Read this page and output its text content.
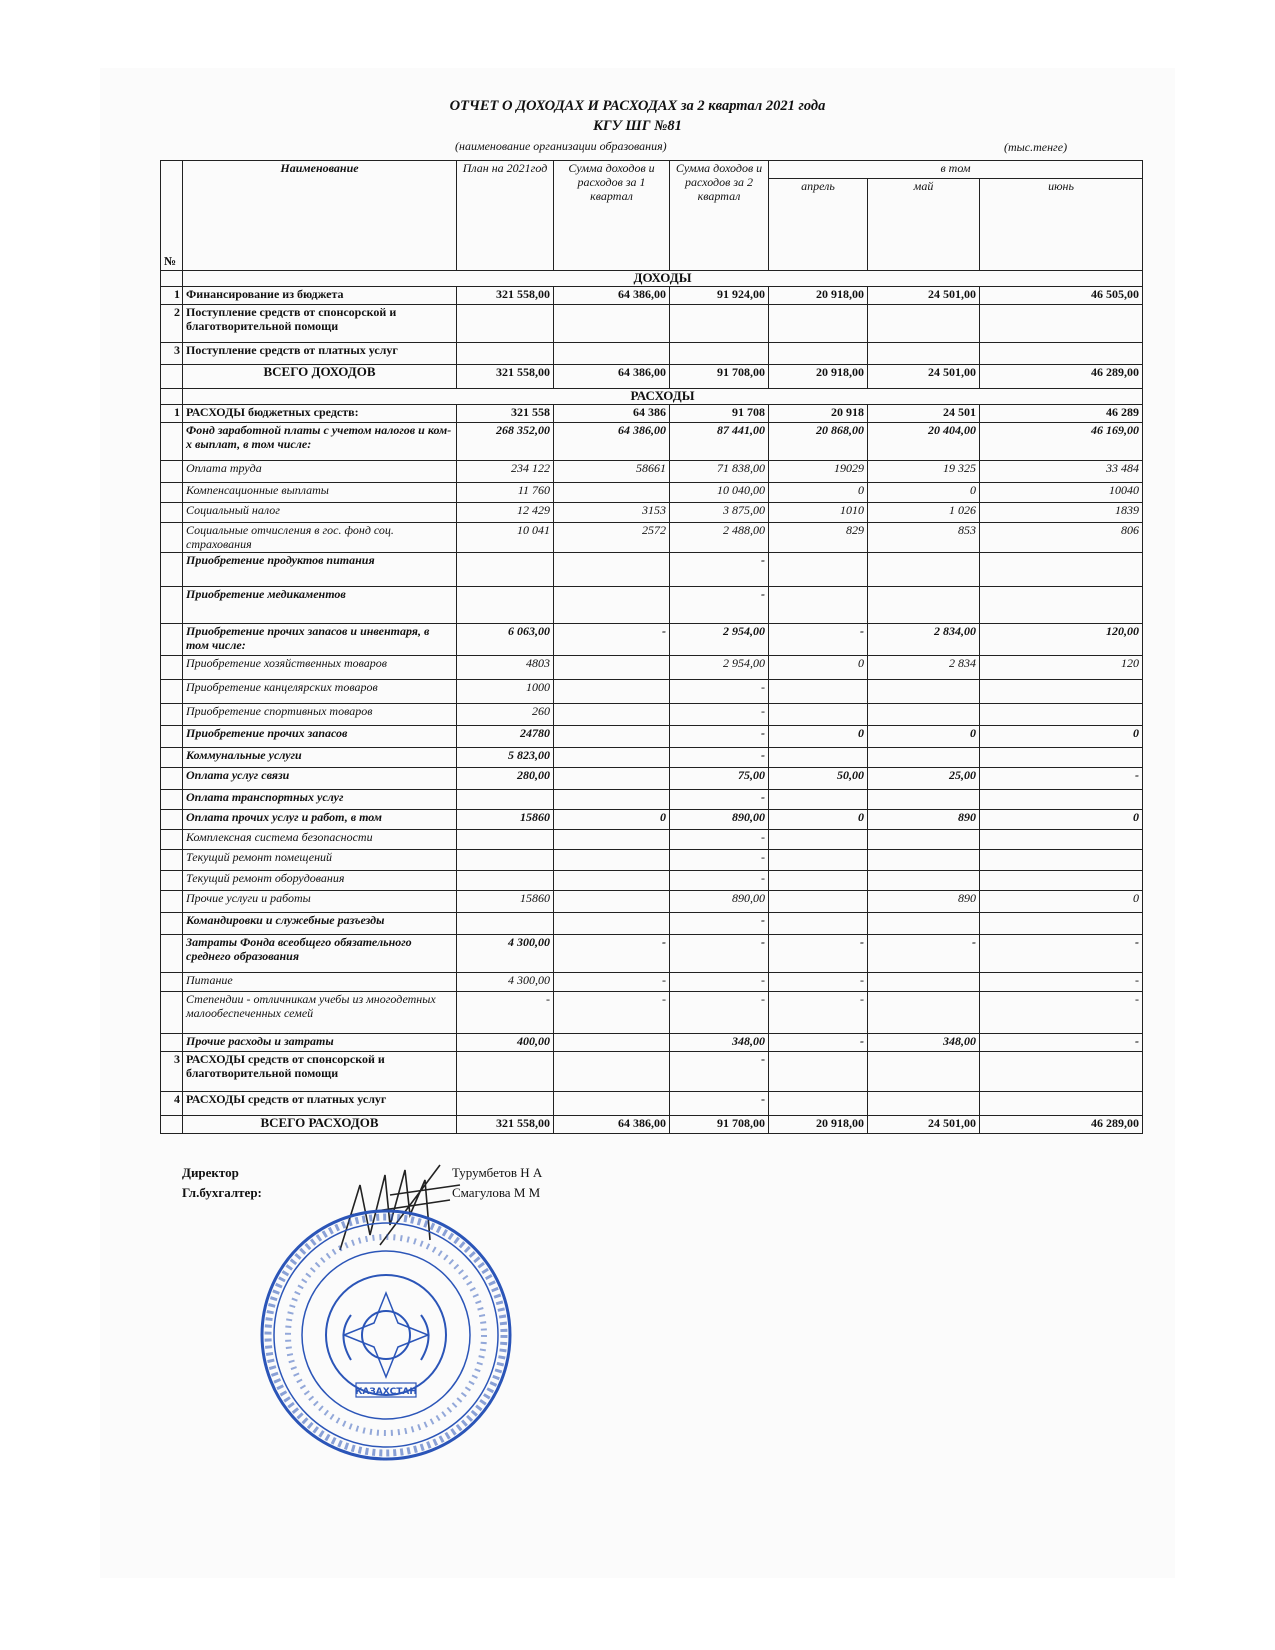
ОТЧЕТ О ДОХОДАХ И РАСХОДАХ за 2 квартал 2021 года
КГУ ШГ №81
(наименование организации образования)	(тыс.тенге)
№	Наименование	План на 2021год	Сумма доходов и расходов за 1 квартал	Сумма доходов и расходов за 2 квартал	в том		
					апрель	май	июнь
	ДОХОДЫ						
1	Финансирование из бюджета	321 558,00	64 386,00	91 924,00	20 918,00	24 501,00	46 505,00
2	Поступление средств от спонсорской и благотворительной помощи						
3	Поступление средств от платных услуг						
	ВСЕГО ДОХОДОВ	321 558,00	64 386,00	91 708,00	20 918,00	24 501,00	46 289,00
	РАСХОДЫ						
1	РАСХОДЫ бюджетных средств:	321 558	64 386	91 708	20 918	24 501	46 289
	Фонд заработной платы с учетом налогов и ком-х выплат, в том числе:	268 352,00	64 386,00	87 441,00	20 868,00	20 404,00	46 169,00
	Оплата труда	234 122	58661	71 838,00	19029	19 325	33 484
	Компенсационные выплаты	11 760		10 040,00	0	0	10040
	Социальный налог	12 429	3153	3 875,00	1010	1 026	1839
	Социальные отчисления в гос. фонд соц. страхования	10 041	2572	2 488,00	829	853	806
	Приобретение продуктов питания			-			
	Приобретение медикаментов			-			
	Приобретение прочих запасов и инвентаря, в том числе:	6 063,00	-	2 954,00	-	2 834,00	120,00
	Приобретение хозяйственных товаров	4803		2 954,00	0	2 834	120
	Приобретение канцелярских товаров	1000		-			
	Приобретение спортивных товаров	260		-			
	Приобретение прочих запасов	24780		-	0	0	0
	Коммунальные услуги	5 823,00		-			
	Оплата услуг связи	280,00		75,00	50,00	25,00	-
	Оплата транспортных услуг			-			
	Оплата прочих услуг и работ, в том	15860	0	890,00	0	890	0
	Комплексная система безопасности			-			
	Текущий ремонт помещений			-			
	Текущий ремонт оборудования			-			
	Прочие услуги и работы	15860		890,00		890	0
	Командировки и служебные разъезды			-			
	Затраты Фонда всеобщего обязательного среднего образования	4 300,00	-	-	-	-	-
	Питание	4 300,00	-	-	-		-
	Степендии - отличникам учебы из многодетных малообеспеченных семей	-	-	-	-		-
	Прочие расходы и затраты	400,00		348,00	-	348,00	-
3	РАСХОДЫ средств от спонсорской и благотворительной помощи			-			
4	РАСХОДЫ средств от платных услуг			-			
	ВСЕГО РАСХОДОВ	321 558,00	64 386,00	91 708,00	20 918,00	24 501,00	46 289,00
Директор	Турумбетов Н А
Гл.бухгалтер:	Смагулова М М
КАЗАХСТАН
